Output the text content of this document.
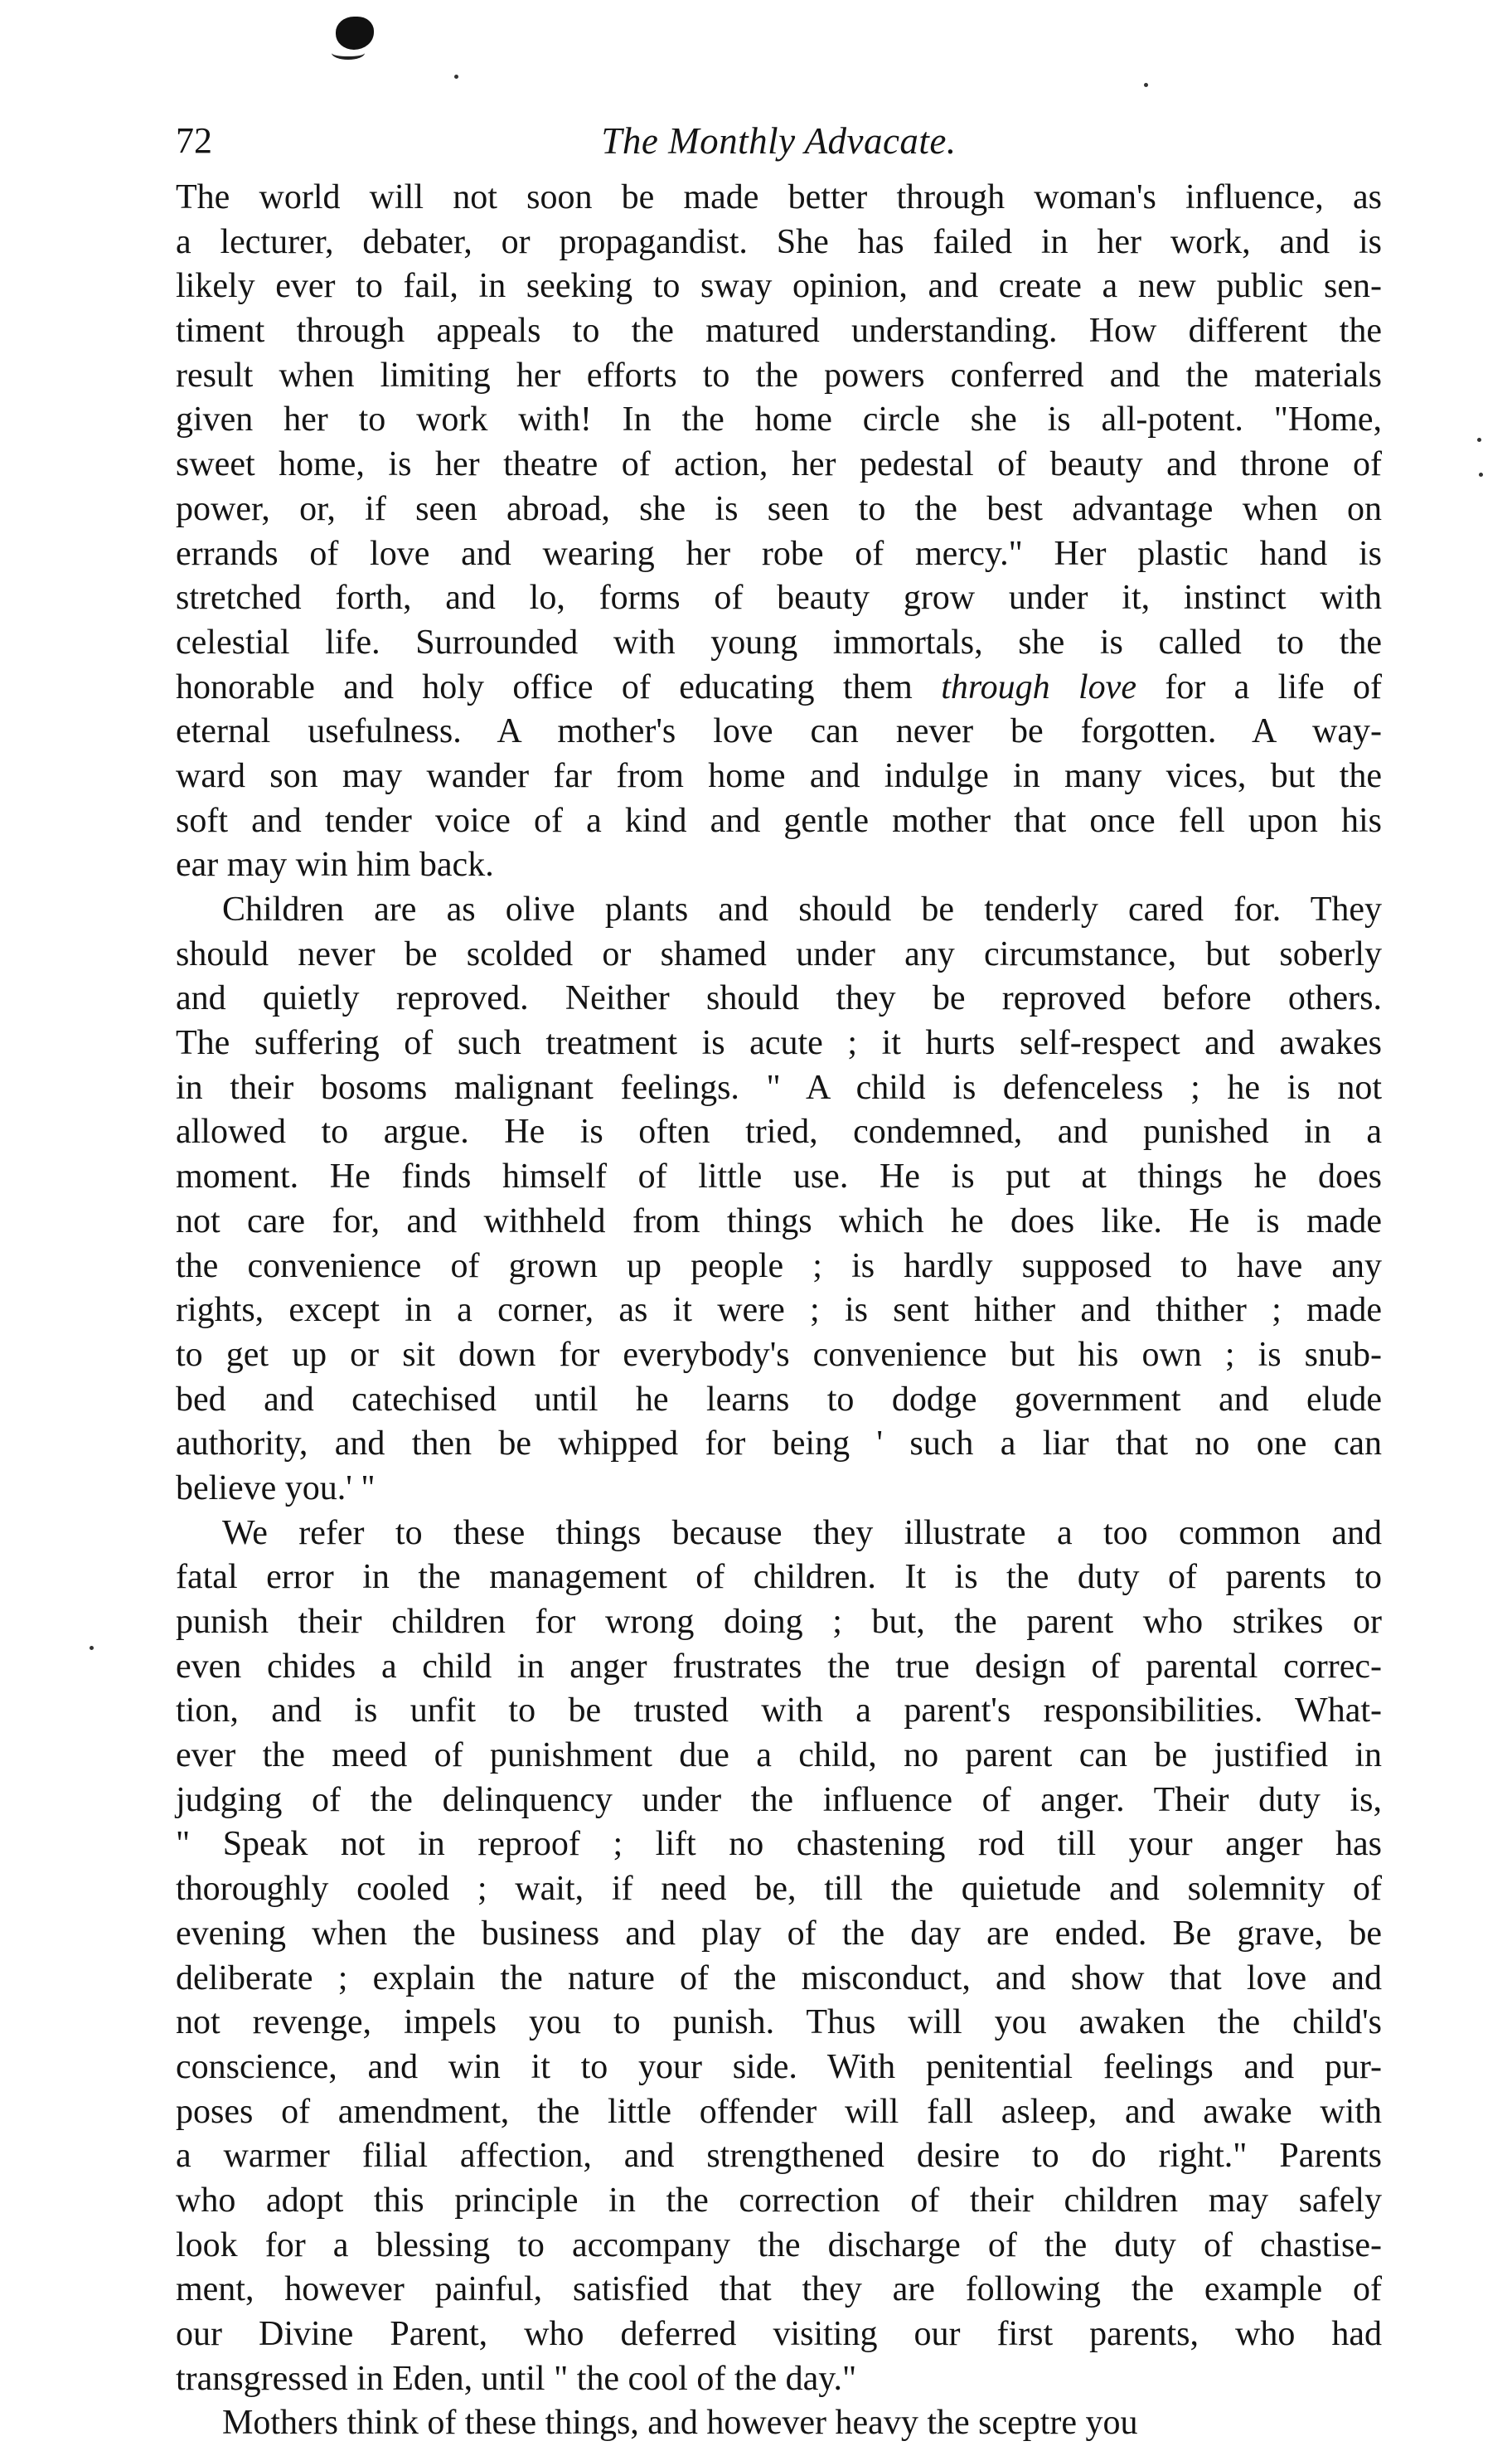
72	The Monthly Advacate.
The world will not soon be made better through woman's influence, as
a lecturer, debater, or propagandist. She has failed in her work, and is
likely ever to fail, in seeking to sway opinion, and create a new public sen-
timent through appeals to the matured understanding. How different the
result when limiting her efforts to the powers conferred and the materials
given her to work with! In the home circle she is all-potent. "Home,
sweet home, is her theatre of action, her pedestal of beauty and throne of
power, or, if seen abroad, she is seen to the best advantage when on
errands of love and wearing her robe of mercy." Her plastic hand is
stretched forth, and lo, forms of beauty grow under it, instinct with
celestial life. Surrounded with young immortals, she is called to the
honorable and holy office of educating them through love for a life of
eternal usefulness. A mother's love can never be forgotten. A way-
ward son may wander far from home and indulge in many vices, but the
soft and tender voice of a kind and gentle mother that once fell upon his
ear may win him back.
Children are as olive plants and should be tenderly cared for. They
should never be scolded or shamed under any circumstance, but soberly
and quietly reproved. Neither should they be reproved before others.
The suffering of such treatment is acute ; it hurts self-respect and awakes
in their bosoms malignant feelings. " A child is defenceless ; he is not
allowed to argue. He is often tried, condemned, and punished in a
moment. He finds himself of little use. He is put at things he does
not care for, and withheld from things which he does like. He is made
the convenience of grown up people ; is hardly supposed to have any
rights, except in a corner, as it were ; is sent hither and thither ; made
to get up or sit down for everybody's convenience but his own ; is snub-
bed and catechised until he learns to dodge government and elude
authority, and then be whipped for being ' such a liar that no one can
believe you.' "
We refer to these things because they illustrate a too common and
fatal error in the management of children. It is the duty of parents to
punish their children for wrong doing ; but, the parent who strikes or
even chides a child in anger frustrates the true design of parental correc-
tion, and is unfit to be trusted with a parent's responsibilities. What-
ever the meed of punishment due a child, no parent can be justified in
judging of the delinquency under the influence of anger. Their duty is,
" Speak not in reproof ; lift no chastening rod till your anger has
thoroughly cooled ; wait, if need be, till the quietude and solemnity of
evening when the business and play of the day are ended. Be grave, be
deliberate ; explain the nature of the misconduct, and show that love and
not revenge, impels you to punish. Thus will you awaken the child's
conscience, and win it to your side. With penitential feelings and pur-
poses of amendment, the little offender will fall asleep, and awake with
a warmer filial affection, and strengthened desire to do right." Parents
who adopt this principle in the correction of their children may safely
look for a blessing to accompany the discharge of the duty of chastise-
ment, however painful, satisfied that they are following the example of
our Divine Parent, who deferred visiting our first parents, who had
transgressed in Eden, until " the cool of the day."
Mothers think of these things, and however heavy the sceptre you
